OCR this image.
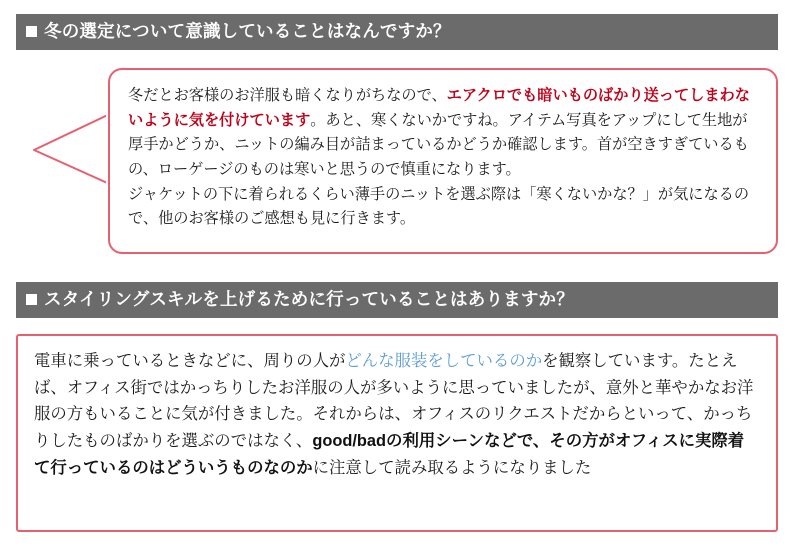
冬の選定について意識していることはなんですか？

冬だとお客様のお洋服も暗くなりがちなので、エアクロでも暗いものばかり送ってしまわないように気を付けています。あと、寒くないかですね。アイテム写真をアップにして生地が厚手かどうか、ニットの編み目が詰まっているかどうか確認します。首が空きすぎているもの、ローゲージのものは寒いと思うので慎重になります。

ジャケットの下に着られるくらい薄手のニットを選ぶ際は「寒くないかな？」が気になるので、他のお客様のご感想も見に行きます。

スタイリングスキルを上げるために行っていることはありますか？

電車に乗っているときなどに、周りの人がどんな服装をしているのかを観察しています。たとえば、オフィス街ではかっちりしたお洋服の人が多いように思っていましたが、意外と華やかなお洋服の方もいることに気が付きました。それからは、オフィスのリクエストだからといって、かっちりしたものばかりを選ぶのではなく、good/badの利用シーンなどで、その方がオフィスに実際着て行っているのはどういうものなのかに注意して読み取るようになりました
